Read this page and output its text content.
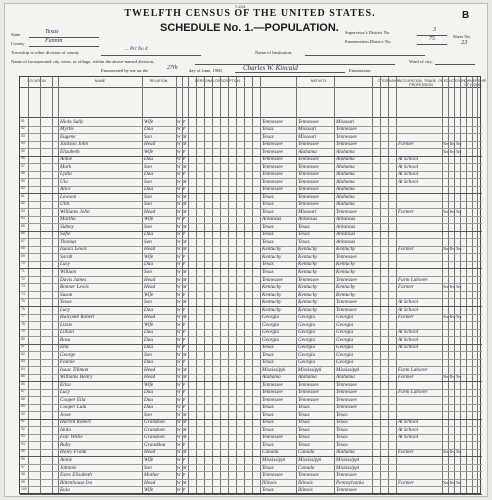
7-224
TWELFTH CENSUS OF THE UNITED STATES.	B
SCHEDULE No. 1.—POPULATION.
State	Texas
County	Fannin
Township or other division of county
... Pct No 4
Name of Institution,
Name of incorporated city, town, or village, within the above-named division,
Supervisor's District No.	3
Enumeration District No.	75	Sheet No.
23
Ward of city,
Enumerated by me on the	27th day of June, 1900,	Charles W. Kincaid	Enumerator.
LOCATION.	NAME	RELATION.	PERSONAL DESCRIPTION.	NATIVITY.	CITIZENSHIP.
OCCUPATION, TRADE, OR PROFESSION
EDUCATION.
OWNERSHIP OF HOME.
51	Hicks Sally	Wife	W F	Tennessee	Tennessee	Missouri
52	Myrtle	Dau	W F	Texas	Missouri	Tennessee
53	Eugene	Son	W M	Texas	Missouri	Tennessee
54	Jackson John	Head	W M	Tennessee	Tennessee	Tennessee	Farmer	Yes Yes Yes
55	Elizabeth	Wife	W F	Tennessee	Alabama	Alabama	Yes Yes Yes
56	Annie	Dau	W F	Tennessee	Tennessee	Alabama	At School
57	Mark	Son	W M	Tennessee	Tennessee	Alabama	At School
58	Lydia	Dau	W F	Tennessee	Tennessee	Alabama	At School
59	Ula	Son	W M	Tennessee	Tennessee	Alabama	At School
60	Alice	Dau	W F	Tennessee	Tennessee	Alabama
61	Lawson	Son	W M	Texas	Tennessee	Alabama
62	Ulin	Son	W M	Texas	Tennessee	Alabama
63	Williams John	Head	W M	Texas	Missouri	Tennessee	Farmer	Yes Yes Yes
64	Martha	Wife	W F	Arkansas	Arkansas	Arkansas
65	Sidney	Son	W M	Texas	Texas	Arkansas
66	Sofie	Dau	W F	Texas	Texas	Arkansas
67	Thomas	Son	W M	Texas	Texas	Arkansas
68	Isaacs Lewis	Head	W M	Kentucky	Kentucky	Kentucky	Farmer	Yes Yes Yes
69	Sarah	Wife	W F	Kentucky	Kentucky	Tennessee
70	Lucy	Dau	W F	Texas	Kentucky	Kentucky
71	William	Son	W M	Texas	Kentucky	Kentucky
72	Davis James	Head	W M	Tennessee	Tennessee	Tennessee	Farm Laborer
73	Bonner Lewis	Head	W M	Kentucky	Kentucky	Kentucky	Farmer	Yes Yes Yes
74	Susan	Wife	W F	Kentucky	Kentucky	Kentucky
75	Texas	Son	W M	Kentucky	Kentucky	Tennessee	At School
76	Lucy	Dau	W F	Kentucky	Kentucky	Tennessee	At School
77	Halcomb Robert	Head	W M	Georgia	Georgia	Georgia	Farmer	Yes Yes Yes
78	Lizzie	Wife	W F	Georgia	Georgia	Georgia
79	Lillian	Dau	W F	Georgia	Georgia	Georgia	At School
80	Rosa	Dau	W F	Georgia	Georgia	Georgia	At School
81	Etta	Dau	W F	Texas	Georgia	Georgia	At School
82	George	Son	W M	Texas	Georgia	Georgia
83	Fannie	Dau	W F	Texas	Georgia	Georgia
84	Isaac Tillman	Head	W M	Mississippi	Mississippi	Mississippi	Farm Laborer
85	Williams Henry	Head	W M	Alabama	Alabama	Alabama	Farmer	Yes Yes Yes
86	Eliza	Wife	W F	Tennessee	Tennessee	Tennessee
87	Lucy	Dau	W F	Tennessee	Tennessee	Tennessee	Farm Laborer
88	Cooper Ella	Dau	W F	Tennessee	Tennessee	Tennessee
89	Cooper Lula	Dau	W F	Texas	Texas	Tennessee
90	Jesse	Son	W M	Texas	Texas	Texas
91	Harrell Robert	Grandson	W M	Texas	Texas	Texas	At School
92	Idola	Grandson	W M	Texas	Texas	Texas	At School
93	Fair Willie	Grandson	W M	Tennessee	Texas	Texas	At School
94	Ruby	Granddau	W F	Texas	Texas	Texas
95	Haley Frank	Head	W M	Canada	Canada	Alabama	Farmer	Yes Yes Yes
96	Annie	Wife	W F	Mississippi	Mississippi	Mississippi
97	Johnnie	Son	W M	Texas	Canada	Mississippi
98	Estes Elizabeth	Mother	W F	Tennessee	Tennessee	Tennessee
99	Bittenhouse Ira	Head	W M	Illinois	Illinois	Pennsylvania	Farmer	Yes Yes Yes
100	Eula	Wife	W F	Texas	Illinois	Tennessee
